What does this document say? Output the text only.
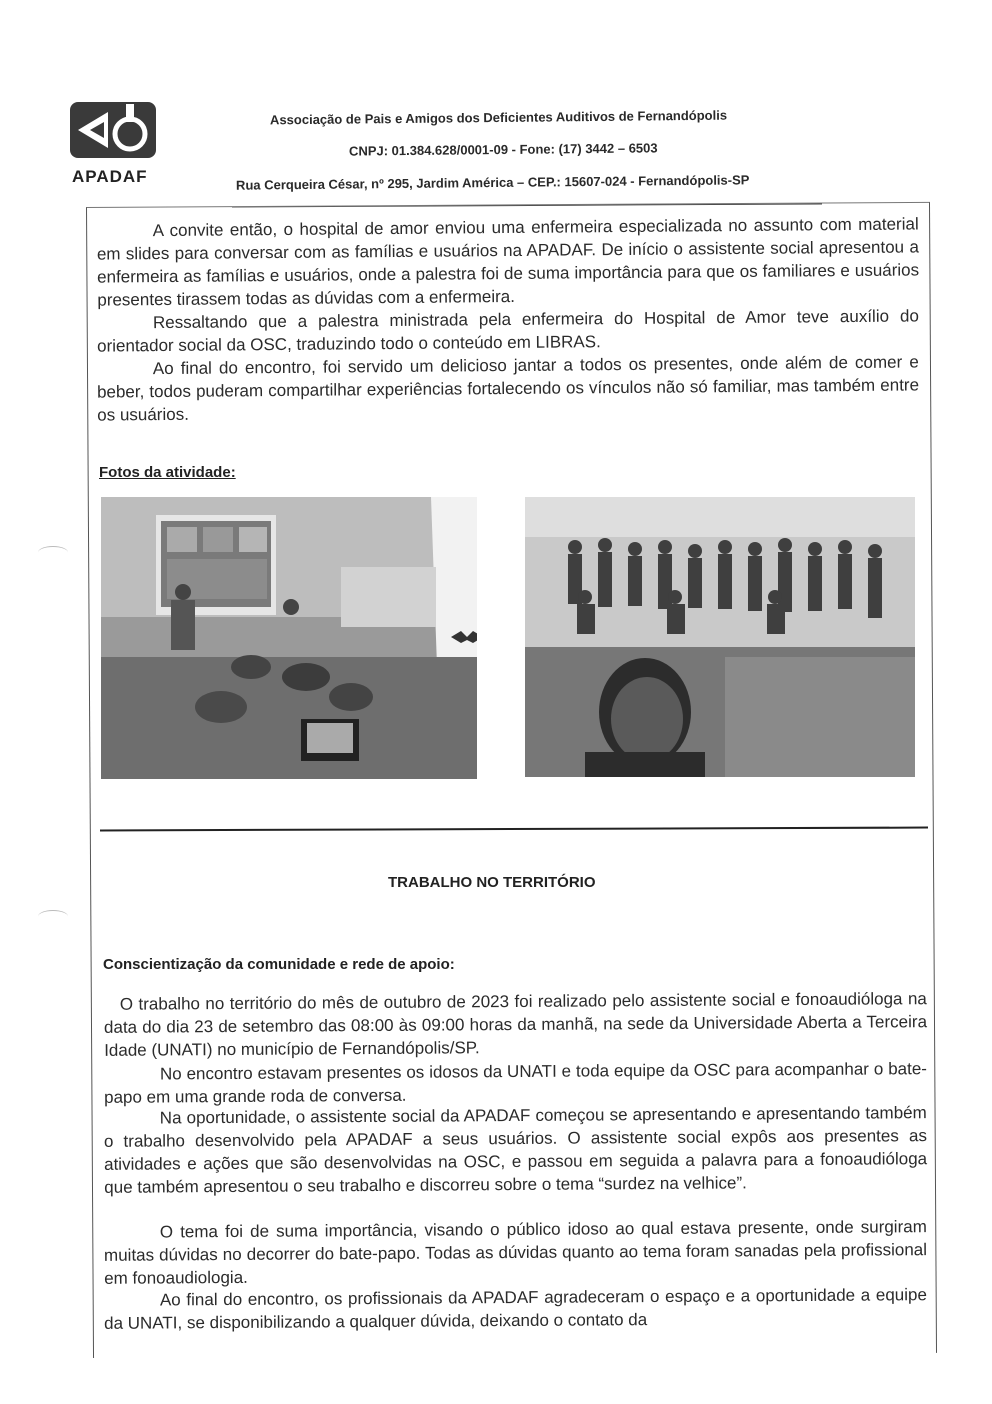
APADAF
Associação de Pais e Amigos dos Deficientes Auditivos de Fernandópolis
CNPJ: 01.384.628/0001-09 - Fone: (17) 3442 – 6503
Rua Cerqueira César, nº 295, Jardim América – CEP.: 15607-024 - Fernandópolis-SP

A convite então, o hospital de amor enviou uma enfermeira especializada no assunto com material em slides para conversar com as famílias e usuários na APADAF. De início o assistente social apresentou a enfermeira as famílias e usuários, onde a palestra foi de suma importância para que os familiares e usuários presentes tirassem todas as dúvidas com a enfermeira.

Ressaltando que a palestra ministrada pela enfermeira do Hospital de Amor teve auxílio do orientador social da OSC, traduzindo todo o conteúdo em LIBRAS.

Ao final do encontro, foi servido um delicioso jantar a todos os presentes, onde além de comer e beber, todos puderam compartilhar experiências fortalecendo os vínculos não só familiar, mas também entre os usuários.

Fotos da atividade:
TRABALHO NO TERRITÓRIO
Conscientização da comunidade e rede de apoio:

O trabalho no território do mês de outubro de 2023 foi realizado pelo assistente social e fonoaudióloga na data do dia 23 de setembro das 08:00 às 09:00 horas da manhã, na sede da Universidade Aberta a Terceira Idade (UNATI) no município de Fernandópolis/SP.

No encontro estavam presentes os idosos da UNATI e toda equipe da OSC para acompanhar o bate-papo em uma grande roda de conversa.

Na oportunidade, o assistente social da APADAF começou se apresentando e apresentando também o trabalho desenvolvido pela APADAF a seus usuários. O assistente social expôs aos presentes as atividades e ações que são desenvolvidas na OSC, e passou em seguida a palavra para a fonoaudióloga que também apresentou o seu trabalho e discorreu sobre o tema “surdez na velhice”.

O tema foi de suma importância, visando o público idoso ao qual estava presente, onde surgiram muitas dúvidas no decorrer do bate-papo. Todas as dúvidas quanto ao tema foram sanadas pela profissional em fonoaudiologia.

Ao final do encontro, os profissionais da APADAF agradeceram o espaço e a oportunidade a equipe da UNATI, se disponibilizando a qualquer dúvida, deixando o contato da
